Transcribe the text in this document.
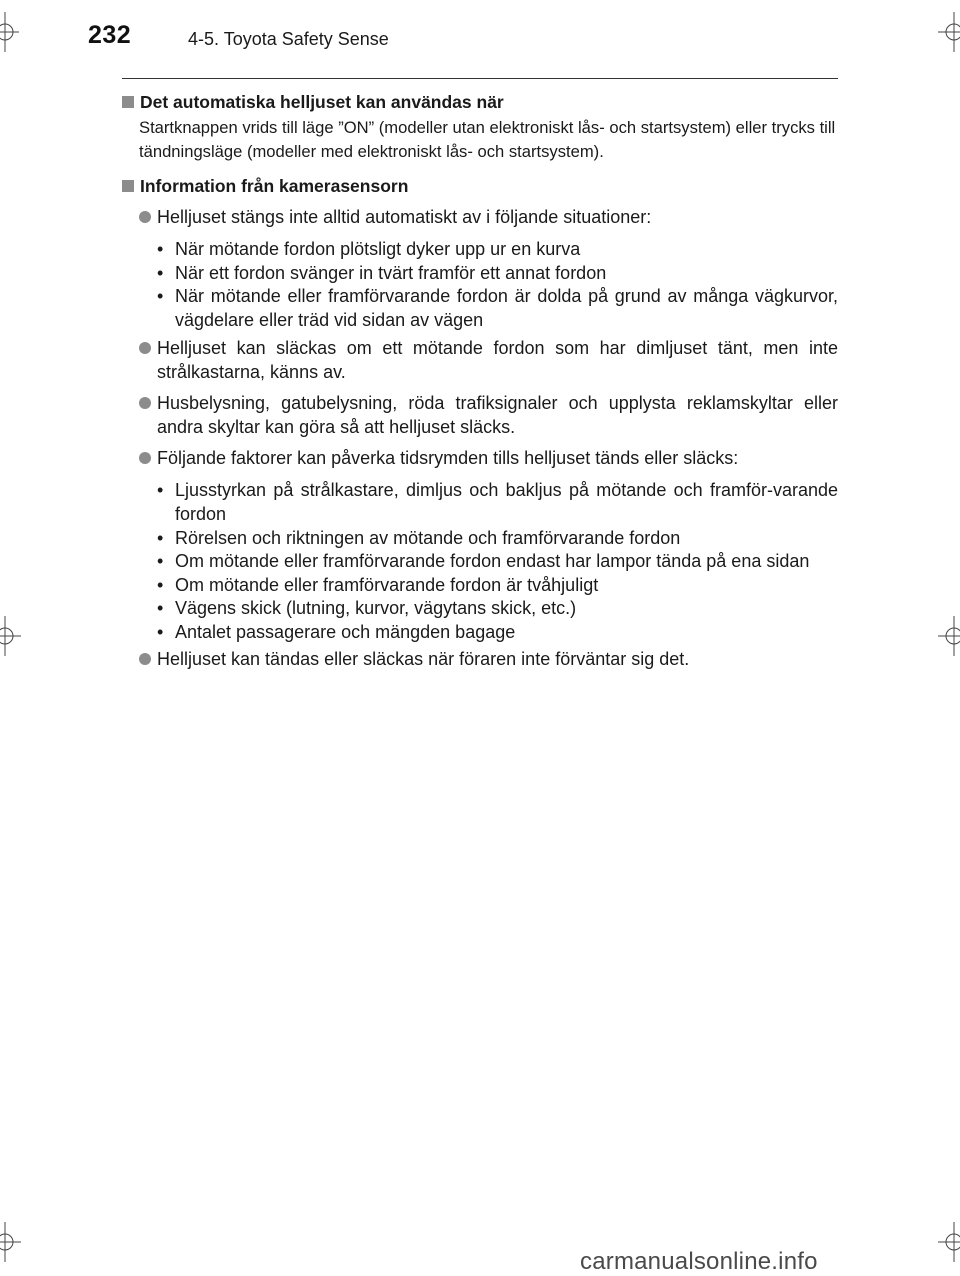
232	4-5. Toyota Safety Sense
Det automatiska helljuset kan användas när

Startknappen vrids till läge ”ON” (modeller utan elektroniskt lås- och startsystem) eller trycks till tändningsläge (modeller med elektroniskt lås- och startsystem).

Information från kamerasensorn
Helljuset stängs inte alltid automatiskt av i följande situationer:
• När mötande fordon plötsligt dyker upp ur en kurva
• När ett fordon svänger in tvärt framför ett annat fordon
• När mötande eller framförvarande fordon är dolda på grund av många vägkurvor, vägdelare eller träd vid sidan av vägen
Helljuset kan släckas om ett mötande fordon som har dimljuset tänt, men inte strålkastarna, känns av.
Husbelysning, gatubelysning, röda trafiksignaler och upplysta reklamskyltar eller andra skyltar kan göra så att helljuset släcks.
Följande faktorer kan påverka tidsrymden tills helljuset tänds eller släcks:
• Ljusstyrkan på strålkastare, dimljus och bakljus på mötande och framför-varande fordon
• Rörelsen och riktningen av mötande och framförvarande fordon
• Om mötande eller framförvarande fordon endast har lampor tända på ena sidan
• Om mötande eller framförvarande fordon är tvåhjuligt
• Vägens skick (lutning, kurvor, vägytans skick, etc.)
• Antalet passagerare och mängden bagage
Helljuset kan tändas eller släckas när föraren inte förväntar sig det.
carmanualsonline.info
